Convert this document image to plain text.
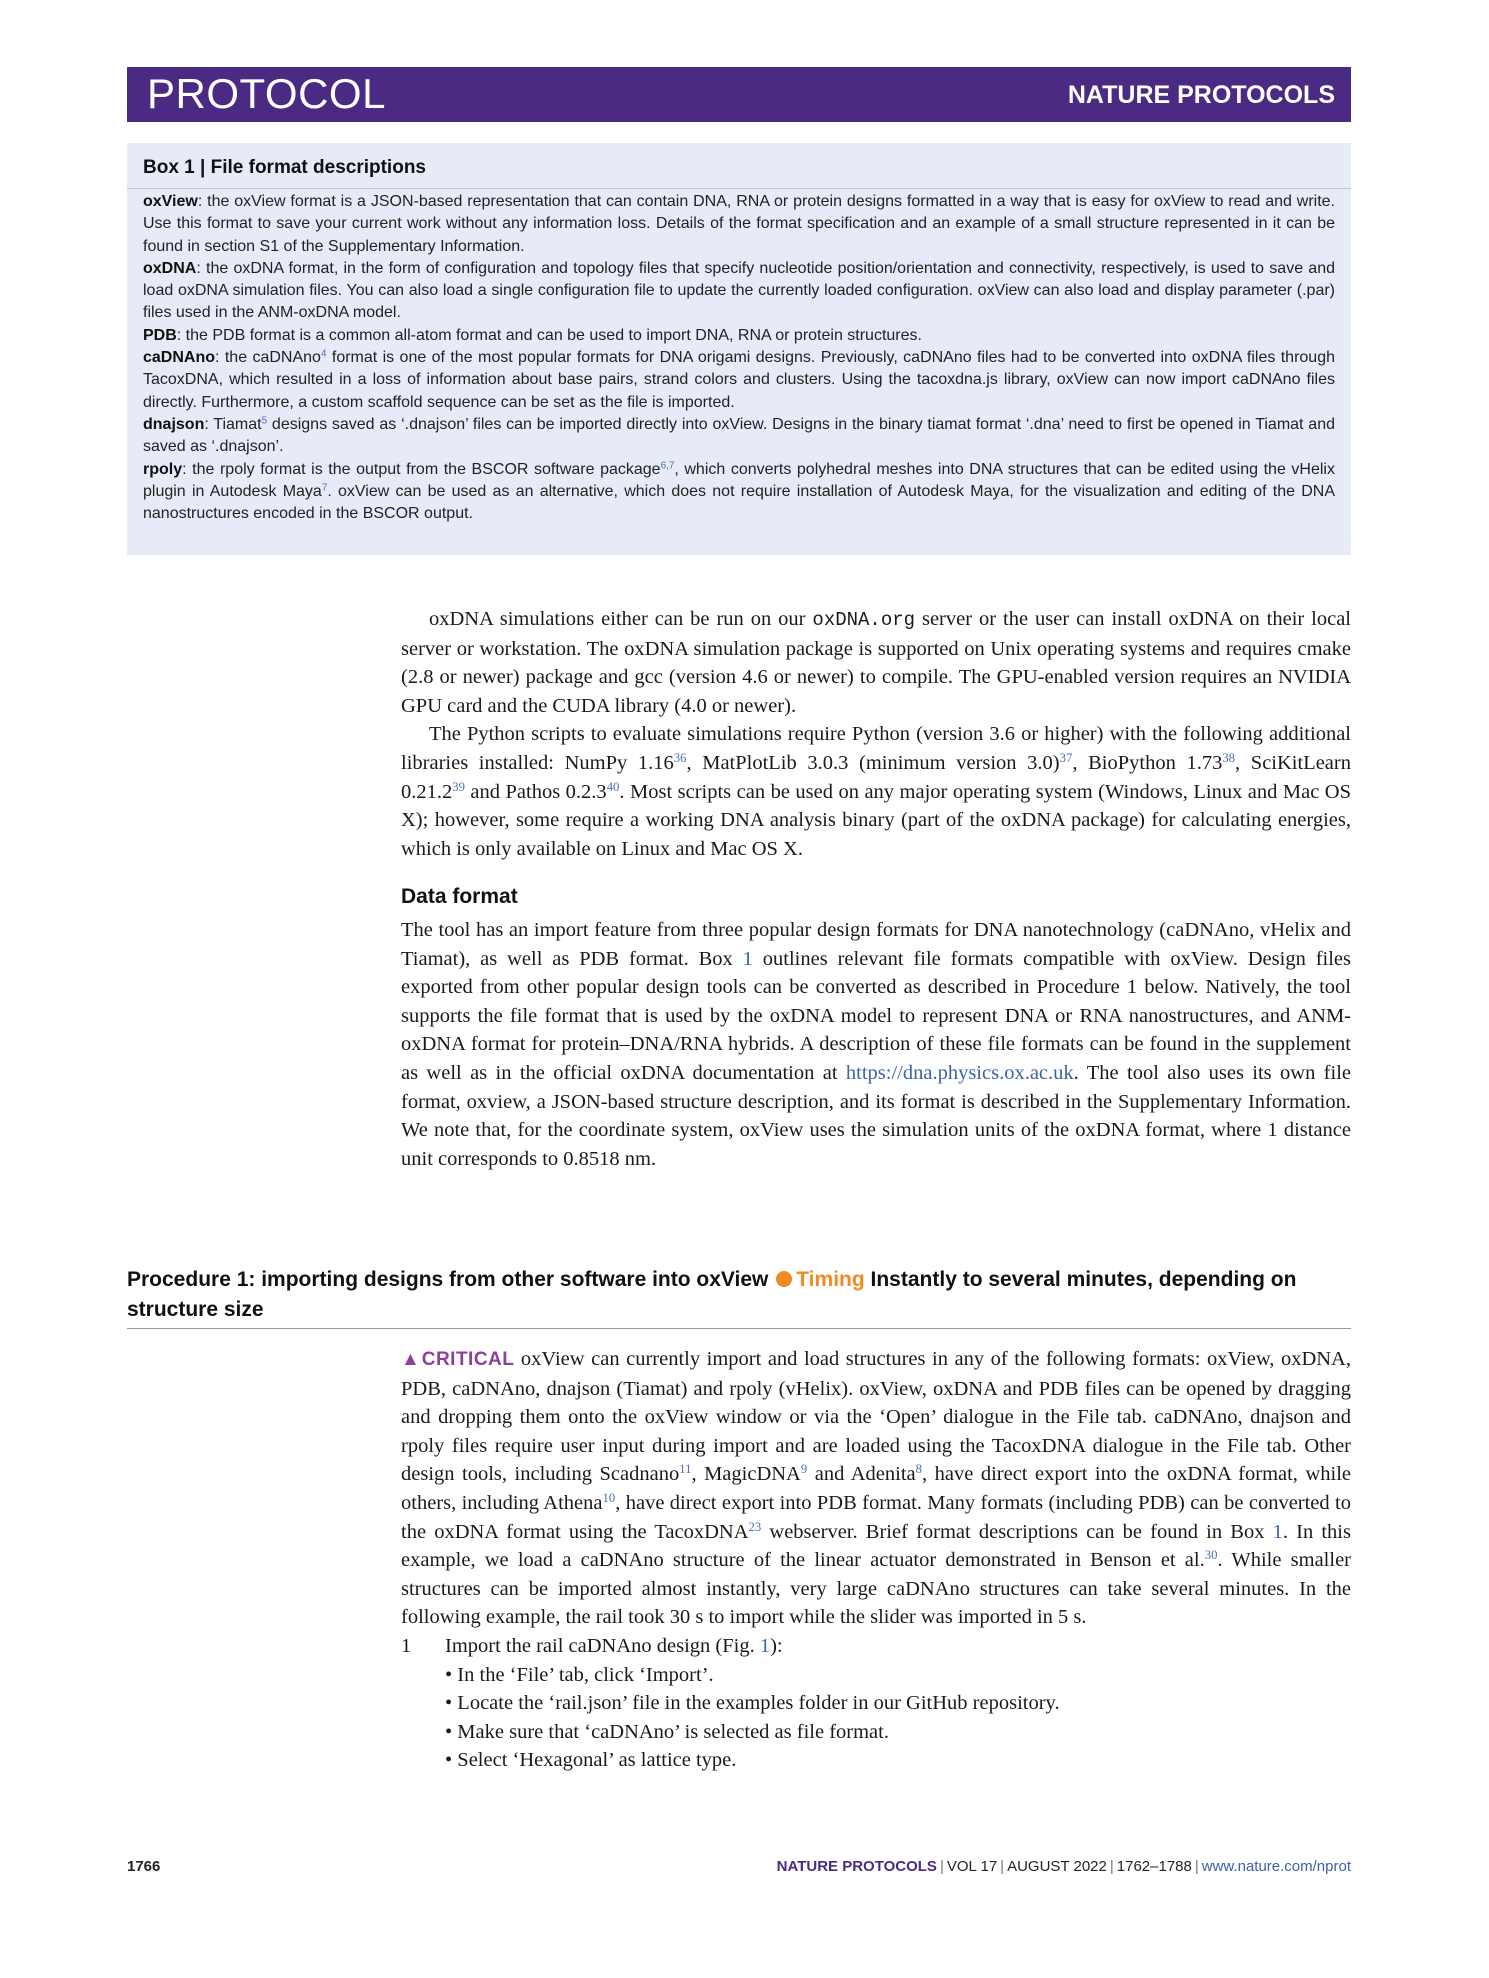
PROTOCOL	NATURE PROTOCOLS
Box 1 | File format descriptions

oxView: the oxView format is a JSON-based representation that can contain DNA, RNA or protein designs formatted in a way that is easy for oxView to read and write. Use this format to save your current work without any information loss. Details of the format specification and an example of a small structure represented in it can be found in section S1 of the Supplementary Information.

oxDNA: the oxDNA format, in the form of configuration and topology files that specify nucleotide position/orientation and connectivity, respectively, is used to save and load oxDNA simulation files. You can also load a single configuration file to update the currently loaded configuration. oxView can also load and display parameter (.par) files used in the ANM-oxDNA model.

PDB: the PDB format is a common all-atom format and can be used to import DNA, RNA or protein structures.

caDNAno: the caDNAno$^4$ format is one of the most popular formats for DNA origami designs. Previously, caDNAno files had to be converted into oxDNA files through TacoxDNA, which resulted in a loss of information about base pairs, strand colors and clusters. Using the tacoxdna.js library, oxView can now import caDNAno files directly. Furthermore, a custom scaffold sequence can be set as the file is imported.

dnajson: Tiamat$^5$ designs saved as ‘.dnajson’ files can be imported directly into oxView. Designs in the binary tiamat format ‘.dna’ need to first be opened in Tiamat and saved as ‘.dnajson’.

rpoly: the rpoly format is the output from the BSCOR software package$^{6,7}$, which converts polyhedral meshes into DNA structures that can be edited using the vHelix plugin in Autodesk Maya$^7$. oxView can be used as an alternative, which does not require installation of Autodesk Maya, for the visualization and editing of the DNA nanostructures encoded in the BSCOR output.

oxDNA simulations either can be run on our oxDNA.org server or the user can install oxDNA on their local server or workstation. The oxDNA simulation package is supported on Unix operating systems and requires cmake (2.8 or newer) package and gcc (version 4.6 or newer) to compile. The GPU-enabled version requires an NVIDIA GPU card and the CUDA library (4.0 or newer).

The Python scripts to evaluate simulations require Python (version 3.6 or higher) with the following additional libraries installed: NumPy 1.16$^{36}$, MatPlotLib 3.0.3 (minimum version 3.0)$^{37}$, BioPython 1.73$^{38}$, SciKitLearn 0.21.2$^{39}$ and Pathos 0.2.3$^{40}$. Most scripts can be used on any major operating system (Windows, Linux and Mac OS X); however, some require a working DNA analysis binary (part of the oxDNA package) for calculating energies, which is only available on Linux and Mac OS X.

Data format

The tool has an import feature from three popular design formats for DNA nanotechnology (caDNAno, vHelix and Tiamat), as well as PDB format. Box 1 outlines relevant file formats compatible with oxView. Design files exported from other popular design tools can be converted as described in Procedure 1 below. Natively, the tool supports the file format that is used by the oxDNA model to represent DNA or RNA nanostructures, and ANM-oxDNA format for protein–DNA/RNA hybrids. A description of these file formats can be found in the supplement as well as in the official oxDNA documentation at https://dna.physics.ox.ac.uk. The tool also uses its own file format, oxview, a JSON-based structure description, and its format is described in the Supplementary Information. We note that, for the coordinate system, oxView uses the simulation units of the oxDNA format, where 1 distance unit corresponds to 0.8518 nm.

Procedure 1: importing designs from other software into oxView Timing Instantly to several minutes, depending on structure size

▲CRITICAL oxView can currently import and load structures in any of the following formats: oxView, oxDNA, PDB, caDNAno, dnajson (Tiamat) and rpoly (vHelix). oxView, oxDNA and PDB files can be opened by dragging and dropping them onto the oxView window or via the ‘Open’ dialogue in the File tab. caDNAno, dnajson and rpoly files require user input during import and are loaded using the TacoxDNA dialogue in the File tab. Other design tools, including Scadnano$^{11}$, MagicDNA$^9$ and Adenita$^8$, have direct export into the oxDNA format, while others, including Athena$^{10}$, have direct export into PDB format. Many formats (including PDB) can be converted to the oxDNA format using the TacoxDNA$^{23}$ webserver. Brief format descriptions can be found in Box 1. In this example, we load a caDNAno structure of the linear actuator demonstrated in Benson et al.$^{30}$. While smaller structures can be imported almost instantly, very large caDNAno structures can take several minutes. In the following example, the rail took 30 s to import while the slider was imported in 5 s.

1 Import the rail caDNAno design (Fig. 1):
• In the ‘File’ tab, click ‘Import’.
• Locate the ‘rail.json’ file in the examples folder in our GitHub repository.
• Make sure that ‘caDNAno’ is selected as file format.
• Select ‘Hexagonal’ as lattice type.
1766	NATURE PROTOCOLS | VOL 17 | AUGUST 2022 | 1762–1788 | www.nature.com/nprot
